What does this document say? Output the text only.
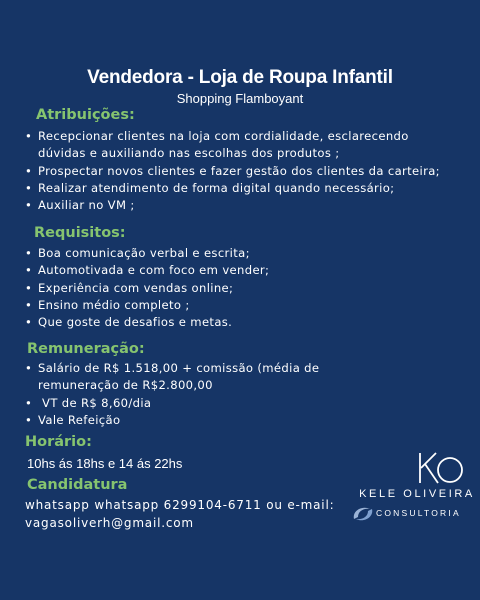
Vendedora - Loja de Roupa Infantil
Shopping Flamboyant
Atribuições:
• Recepcionar clientes na loja com cordialidade, esclarecendo
dúvidas e auxiliando nas escolhas dos produtos ;
• Prospectar novos clientes e fazer gestão dos clientes da carteira;
• Realizar atendimento de forma digital quando necessário;
• Auxiliar no VM ;
Requisitos:
• Boa comunicação verbal e escrita;
• Automotivada e com foco em vender;
• Experiência com vendas online;
• Ensino médio completo ;
• Que goste de desafios e metas.
Remuneração:
• Salário de R$ 1.518,00 + comissão (média de
remuneração de R$2.800,00
•  VT de R$ 8,60/dia
• Vale Refeição
Horário:
10hs ás 18hs e 14 ás 22hs
Candidatura
whatsapp whatsapp 6299104-6711 ou e-mail:
vagasoliverh@gmail.com
KELE OLIVEIRA
CONSULTORIA
